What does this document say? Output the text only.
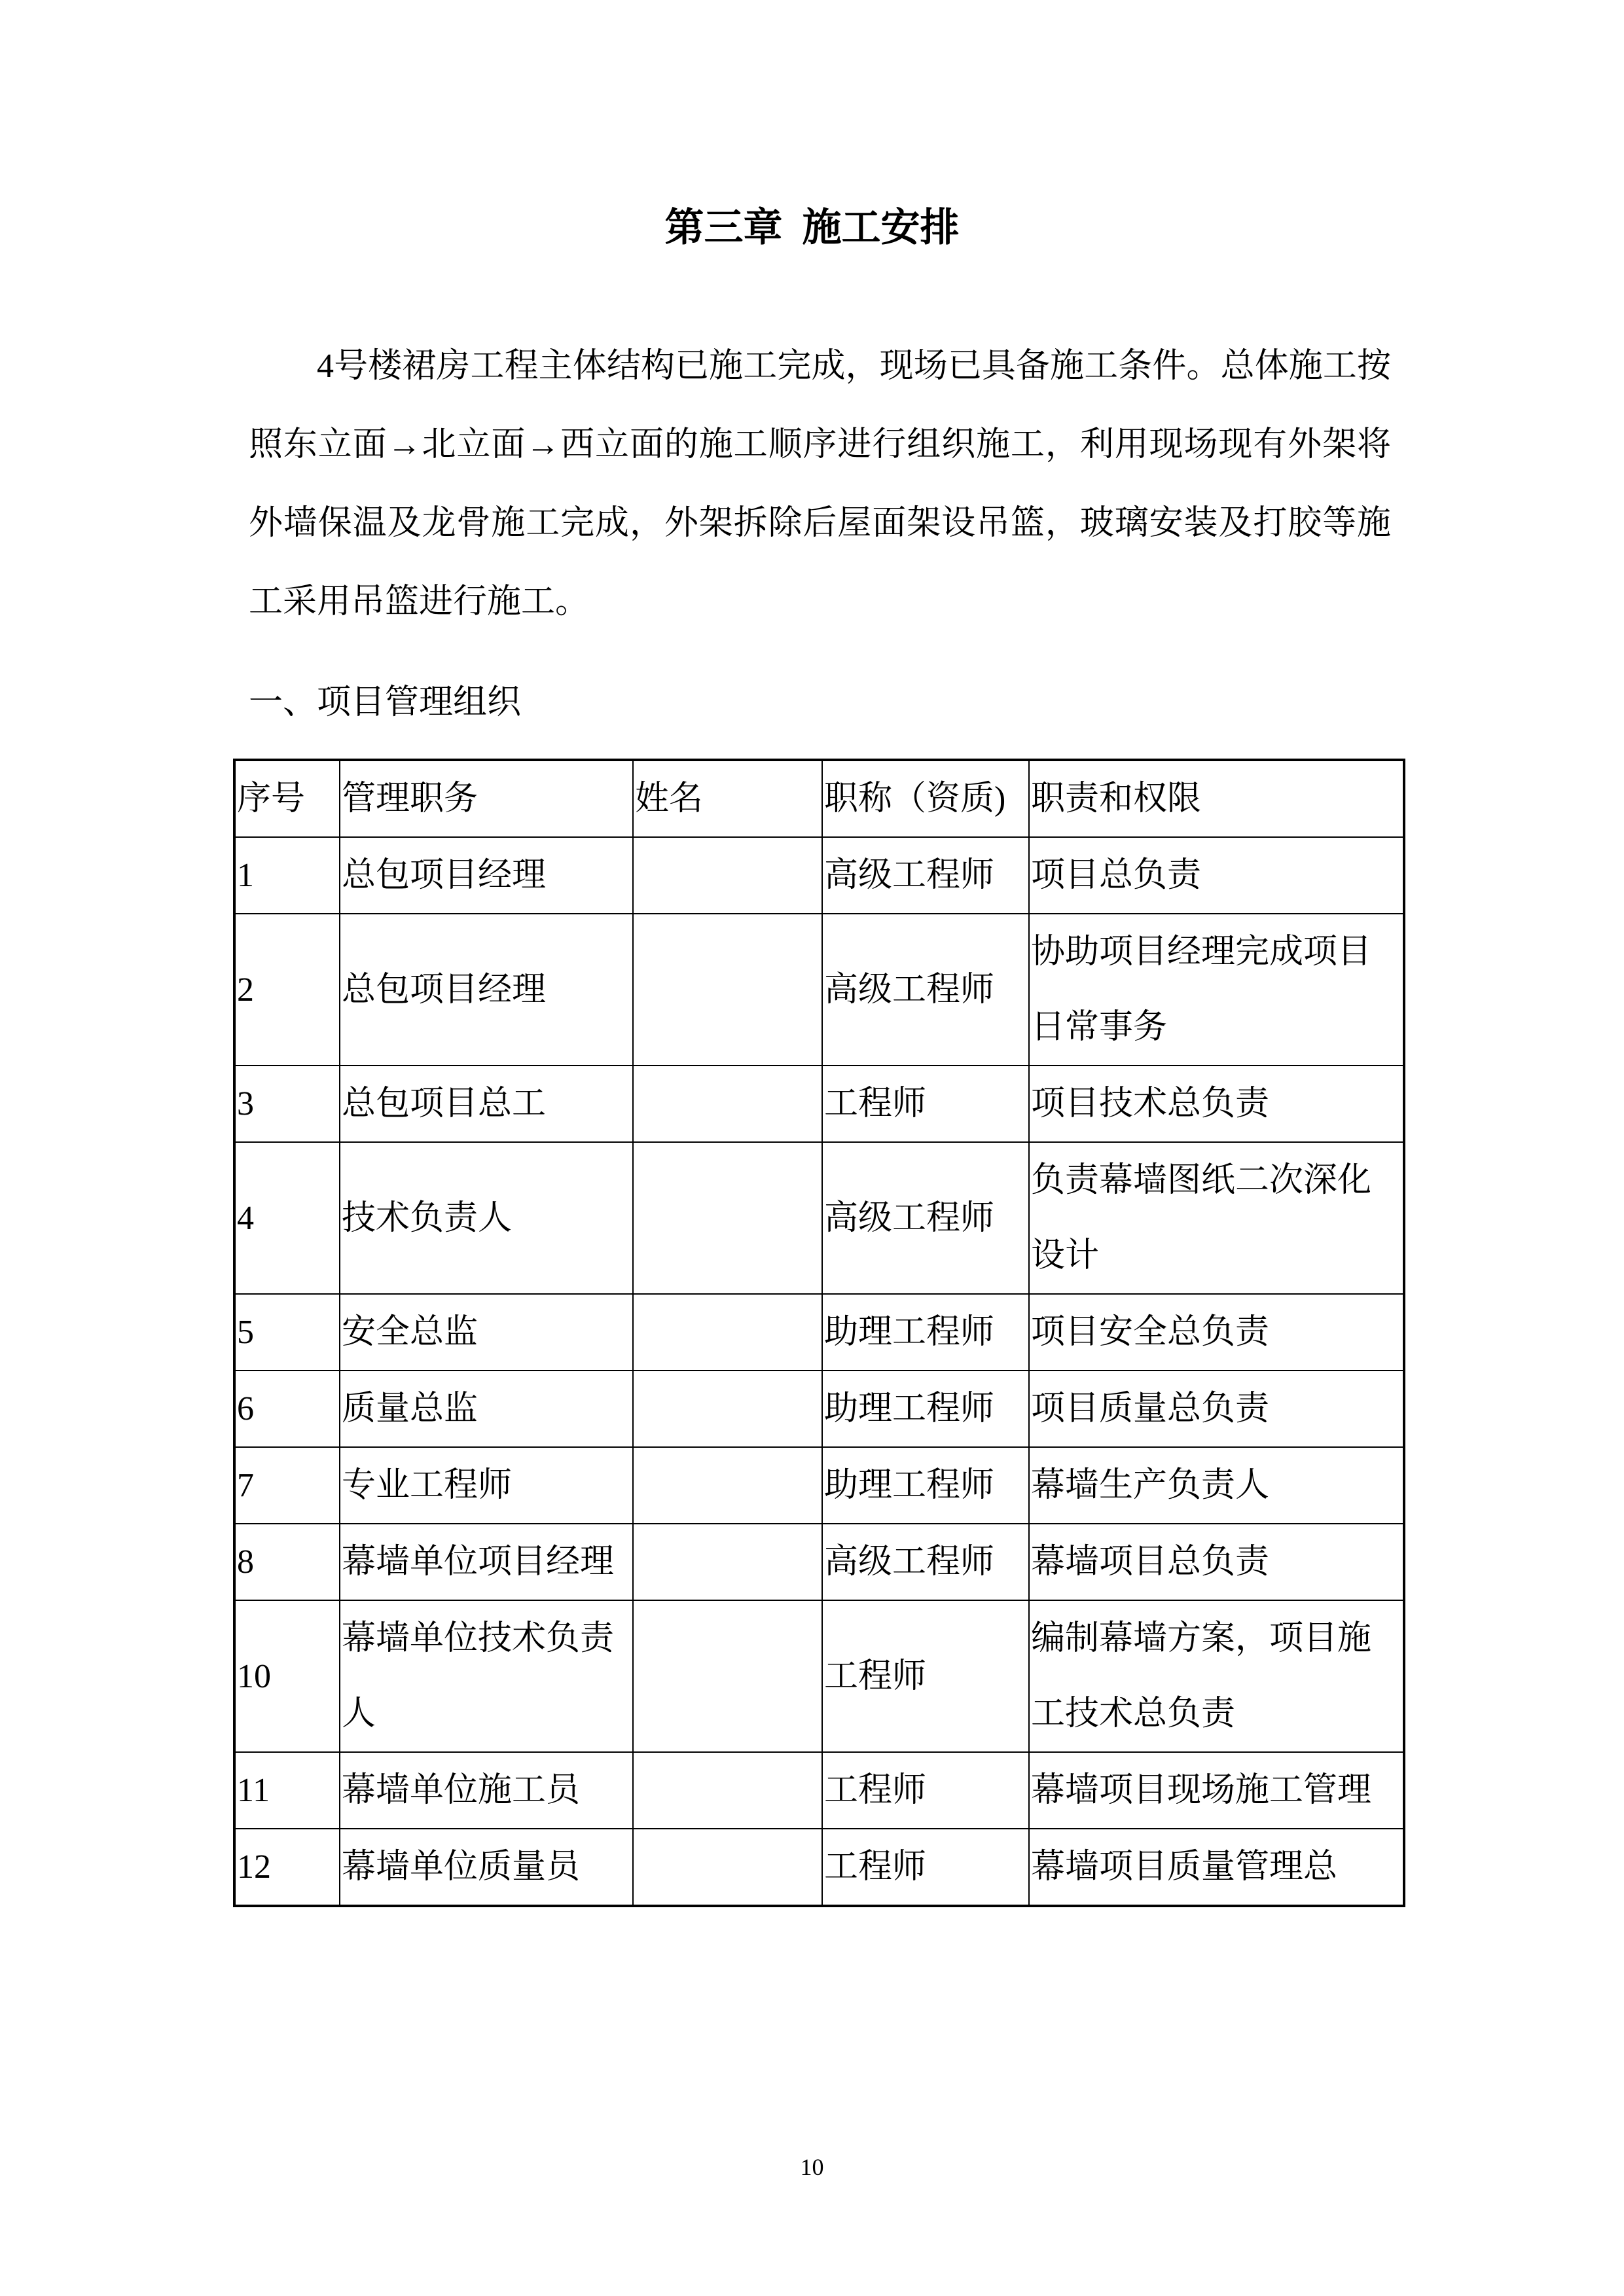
第三章  施工安排
4号楼裙房工程主体结构已施工完成，现场已具备施工条件。总体施工按照东立面→北立面→西立面的施工顺序进行组织施工，利用现场现有外架将外墙保温及龙骨施工完成，外架拆除后屋面架设吊篮，玻璃安装及打胶等施工采用吊篮进行施工。
一、项目管理组织
序号	管理职务	姓名	职称（资质)	职责和权限
1	总包项目经理		高级工程师	项目总负责
2	总包项目经理		高级工程师	协助项目经理完成项目日常事务
3	总包项目总工		工程师	项目技术总负责
4	技术负责人		高级工程师	负责幕墙图纸二次深化设计
5	安全总监		助理工程师	项目安全总负责
6	质量总监		助理工程师	项目质量总负责
7	专业工程师		助理工程师	幕墙生产负责人
8	幕墙单位项目经理		高级工程师	幕墙项目总负责
10	幕墙单位技术负责人		工程师	编制幕墙方案，项目施工技术总负责
11	幕墙单位施工员		工程师	幕墙项目现场施工管理
12	幕墙单位质量员		工程师	幕墙项目质量管理总
10
